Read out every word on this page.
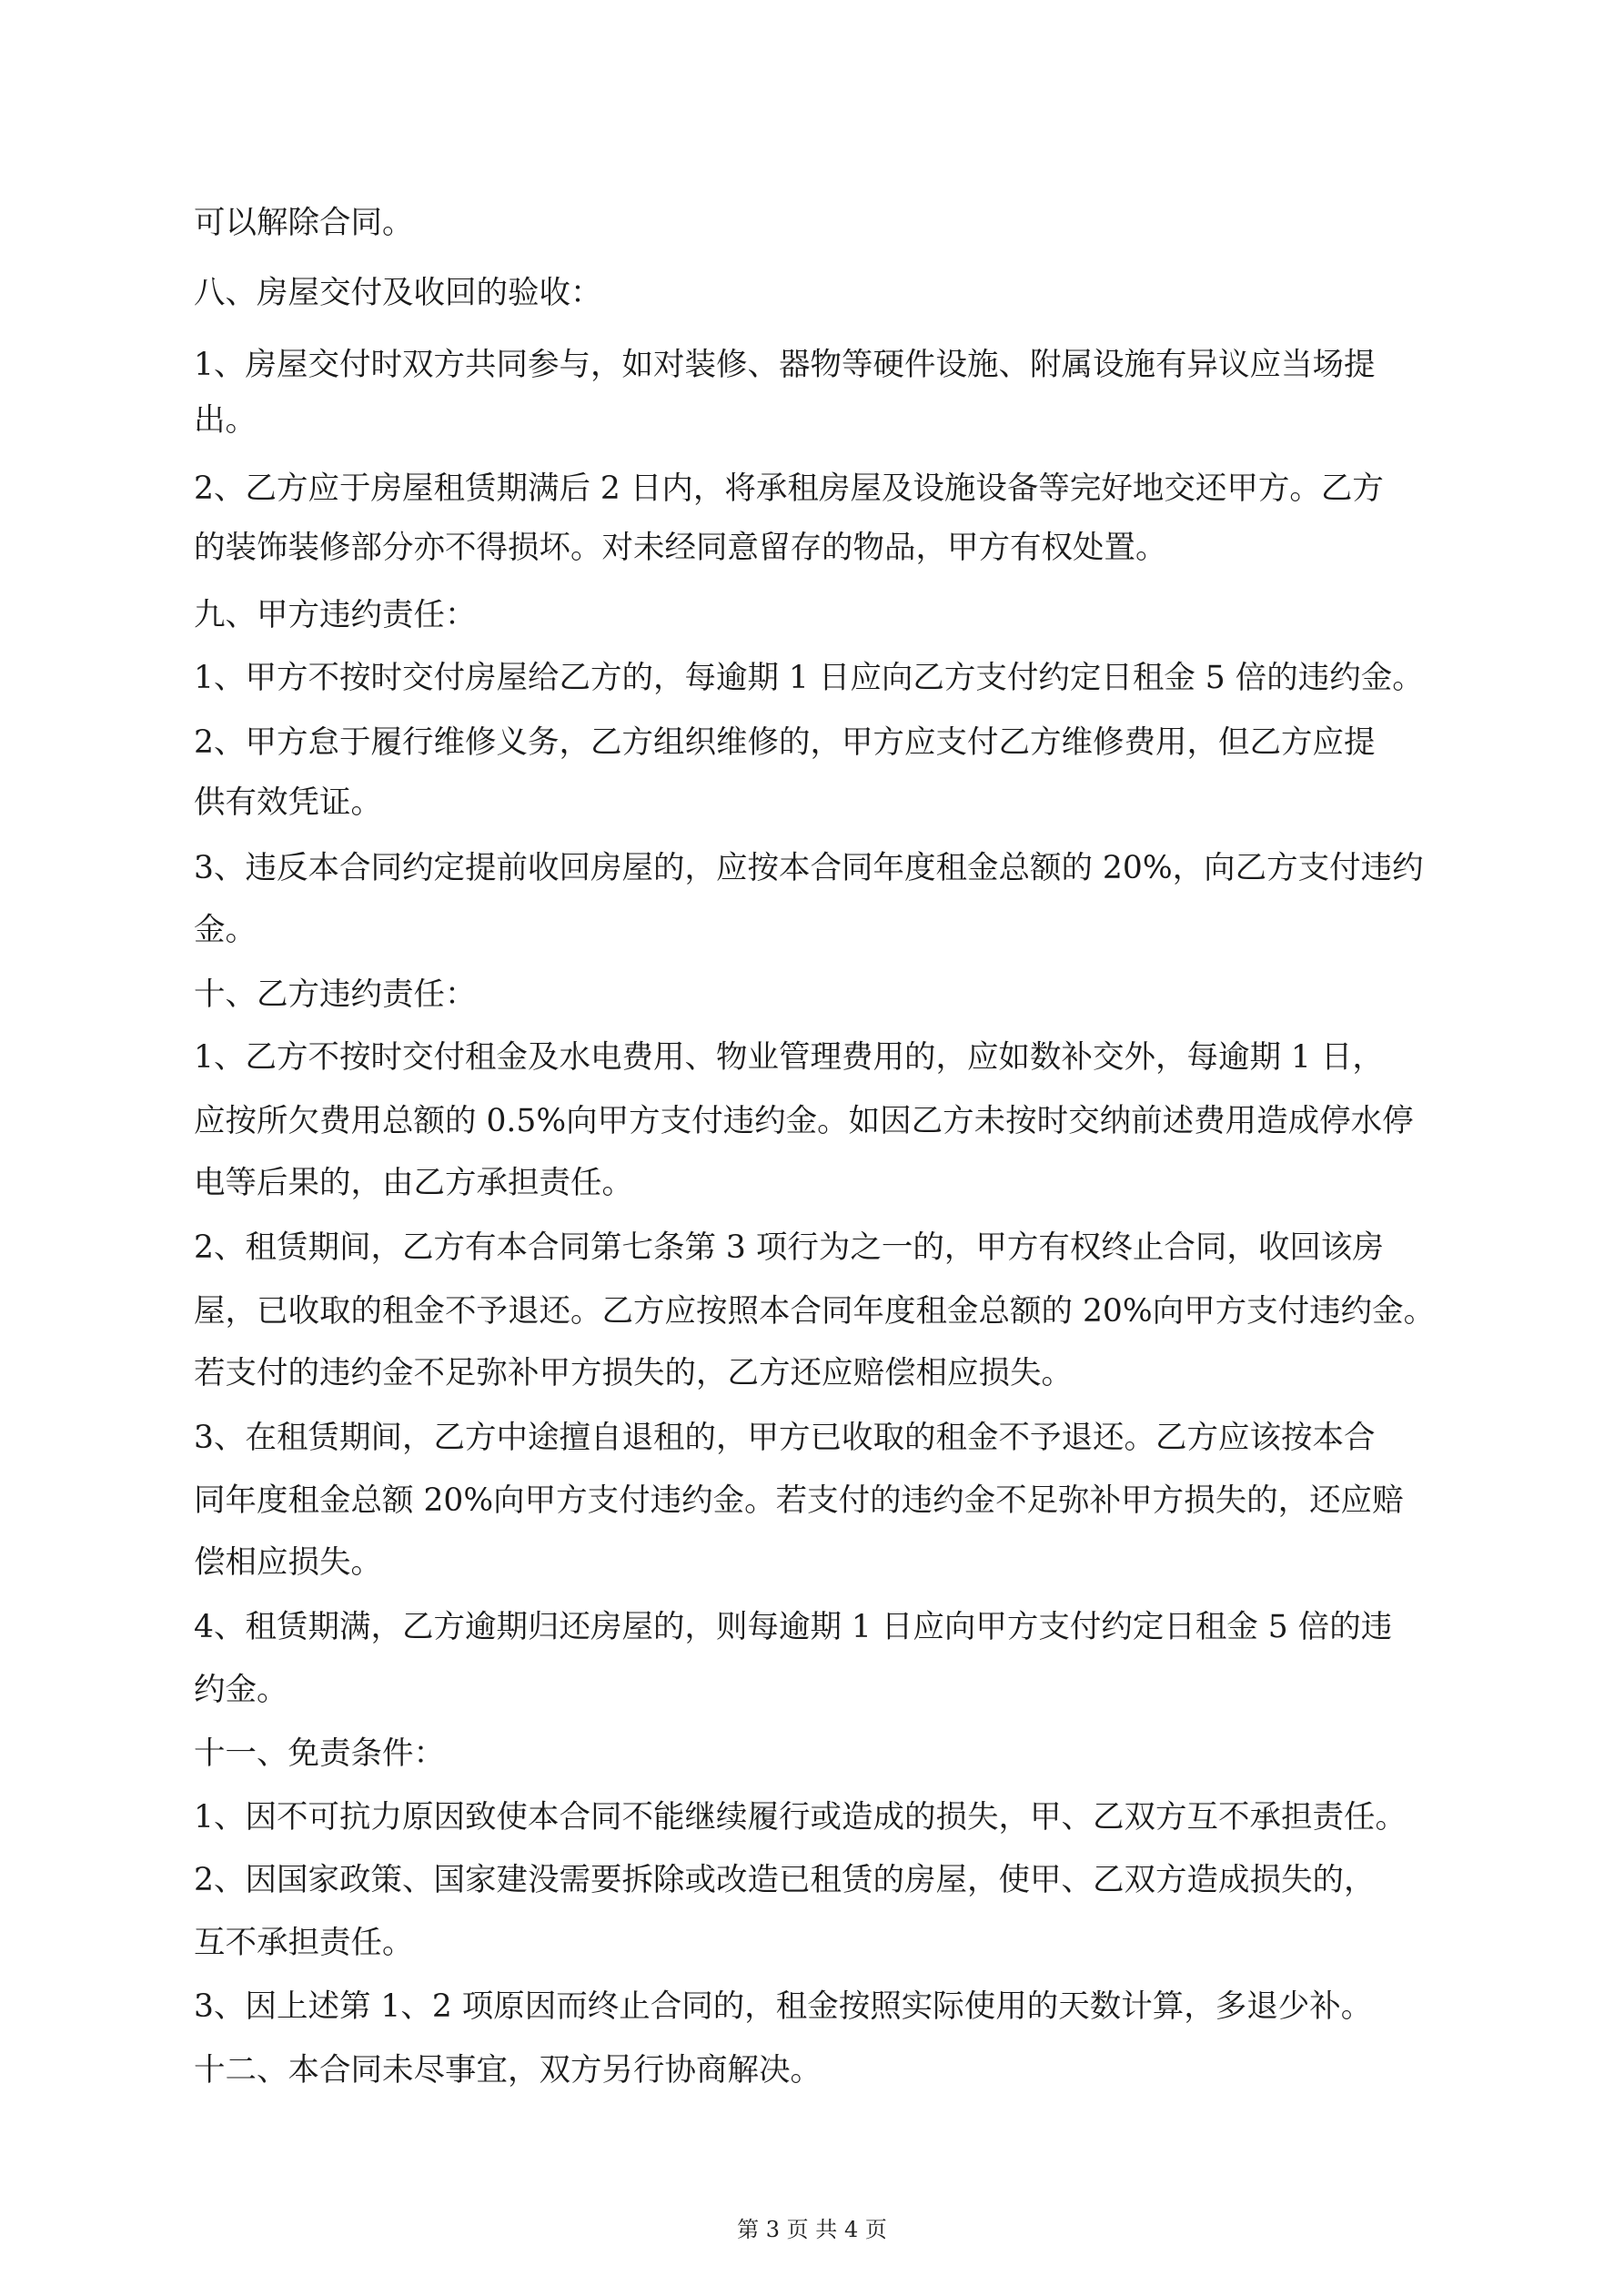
可以解除合同。

八、房屋交付及收回的验收：

1、房屋交付时双方共同参与，如对装修、器物等硬件设施、附属设施有异议应当场提

出。

2、乙方应于房屋租赁期满后 2 日内，将承租房屋及设施设备等完好地交还甲方。乙方

的装饰装修部分亦不得损坏。对未经同意留存的物品，甲方有权处置。

九、甲方违约责任：

1、甲方不按时交付房屋给乙方的，每逾期 1 日应向乙方支付约定日租金 5 倍的违约金。

2、甲方怠于履行维修义务，乙方组织维修的，甲方应支付乙方维修费用，但乙方应提

供有效凭证。

3、违反本合同约定提前收回房屋的，应按本合同年度租金总额的 20%，向乙方支付违约

金。

十、乙方违约责任：

1、乙方不按时交付租金及水电费用、物业管理费用的，应如数补交外，每逾期 1 日，

应按所欠费用总额的 0.5%向甲方支付违约金。如因乙方未按时交纳前述费用造成停水停

电等后果的，由乙方承担责任。

2、租赁期间，乙方有本合同第七条第 3 项行为之一的，甲方有权终止合同，收回该房

屋，已收取的租金不予退还。乙方应按照本合同年度租金总额的 20%向甲方支付违约金。

若支付的违约金不足弥补甲方损失的，乙方还应赔偿相应损失。

3、在租赁期间，乙方中途擅自退租的，甲方已收取的租金不予退还。乙方应该按本合

同年度租金总额 20%向甲方支付违约金。若支付的违约金不足弥补甲方损失的，还应赔

偿相应损失。

4、租赁期满，乙方逾期归还房屋的，则每逾期 1 日应向甲方支付约定日租金 5 倍的违

约金。

十一、免责条件：

1、因不可抗力原因致使本合同不能继续履行或造成的损失，甲、乙双方互不承担责任。

2、因国家政策、国家建没需要拆除或改造已租赁的房屋，使甲、乙双方造成损失的，

互不承担责任。

3、因上述第 1、2 项原因而终止合同的，租金按照实际使用的天数计算，多退少补。

十二、本合同未尽事宜，双方另行协商解决。

第 3 页 共 4 页
